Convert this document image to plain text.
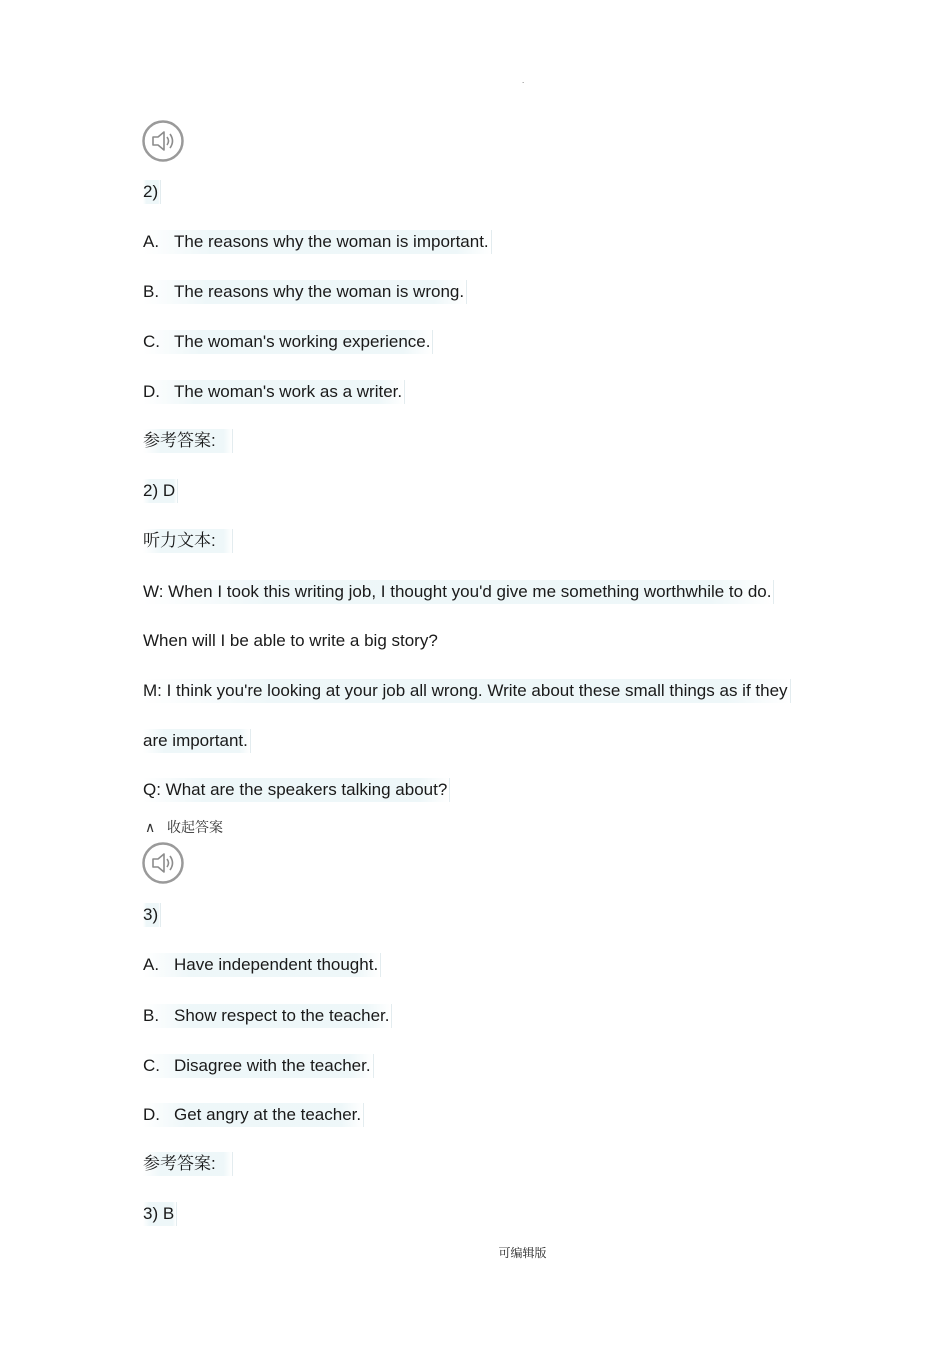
.
2)
A. The reasons why the woman is important.
B. The reasons why the woman is wrong.
C. The woman's working experience.
D. The woman's work as a writer.
参考答案:
2) D
听力文本:
W: When I took this writing job, I thought you'd give me something worthwhile to do.
When will I be able to write a big story?
M: I think you're looking at your job all wrong. Write about these small things as if they
are important.
Q: What are the speakers talking about?
∧ 收起答案
3)
A. Have independent thought.
B. Show respect to the teacher.
C. Disagree with the teacher.
D. Get angry at the teacher.
参考答案:
3) B
可编辑版
